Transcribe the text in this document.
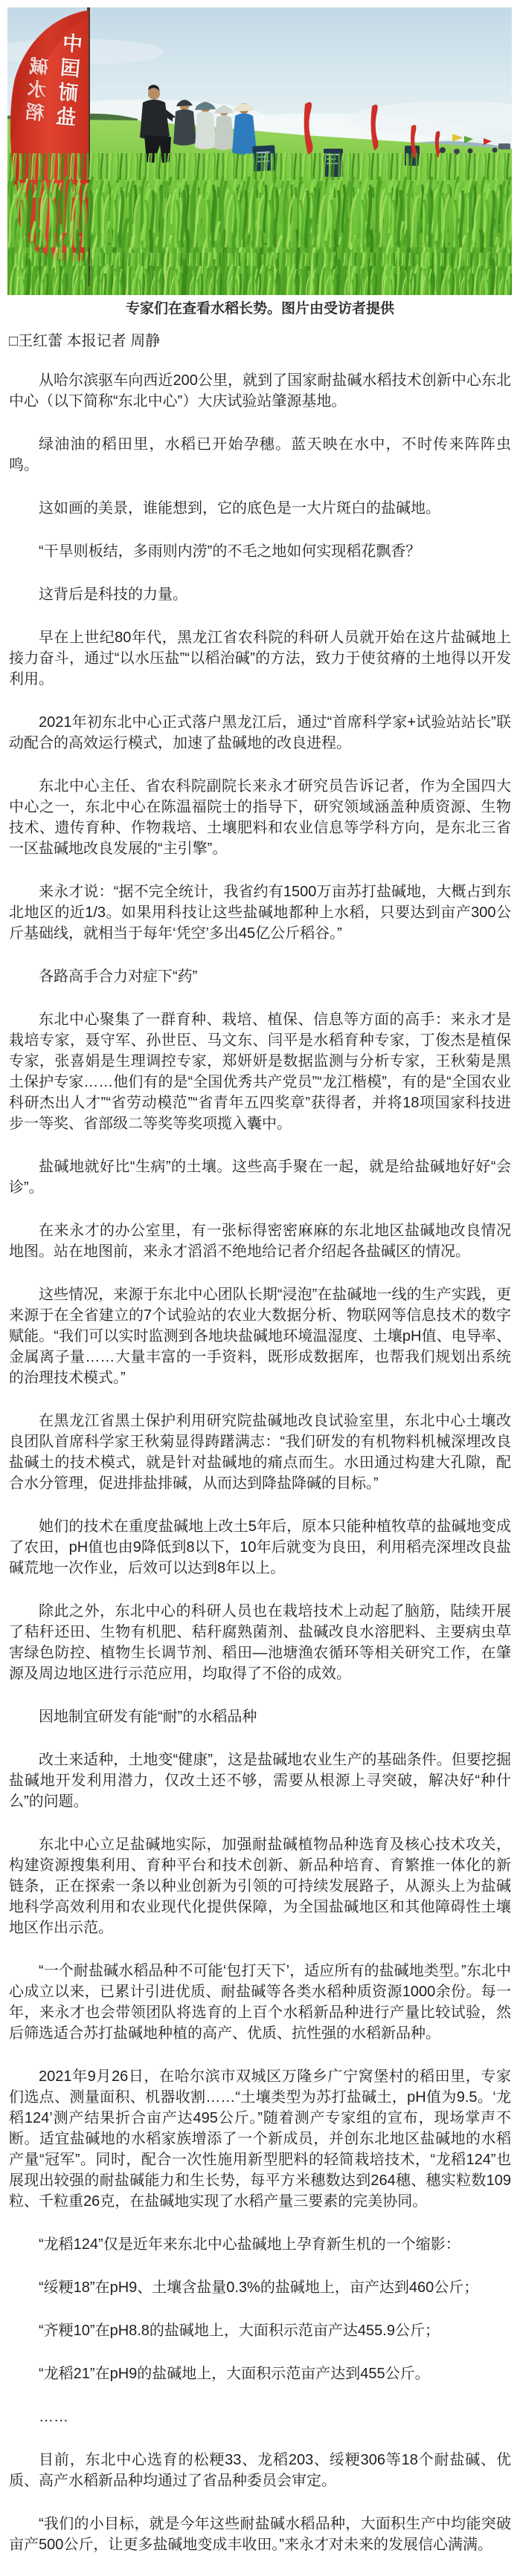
中国耐盐
碱水稻
专家们在查看水稻长势。图片由受访者提供
□王红蕾 本报记者 周静

从哈尔滨驱车向西近200公里，就到了国家耐盐碱水稻技术创新中心东北中心（以下简称“东北中心”）大庆试验站肇源基地。

绿油油的稻田里，水稻已开始孕穗。蓝天映在水中，不时传来阵阵虫鸣。

这如画的美景，谁能想到，它的底色是一大片斑白的盐碱地。

“干旱则板结，多雨则内涝”的不毛之地如何实现稻花飘香？

这背后是科技的力量。

早在上世纪80年代，黑龙江省农科院的科研人员就开始在这片盐碱地上接力奋斗，通过“以水压盐”“以稻治碱”的方法，致力于使贫瘠的土地得以开发利用。

2021年初东北中心正式落户黑龙江后，通过“首席科学家+试验站站长”联动配合的高效运行模式，加速了盐碱地的改良进程。

东北中心主任、省农科院副院长来永才研究员告诉记者，作为全国四大中心之一，东北中心在陈温福院士的指导下，研究领域涵盖种质资源、生物技术、遗传育种、作物栽培、土壤肥料和农业信息等学科方向，是东北三省一区盐碱地改良发展的“主引擎”。

来永才说：“据不完全统计，我省约有1500万亩苏打盐碱地，大概占到东北地区的近1/3。如果用科技让这些盐碱地都种上水稻，只要达到亩产300公斤基础线，就相当于每年‘凭空’多出45亿公斤稻谷。”

各路高手合力对症下“药”

东北中心聚集了一群育种、栽培、植保、信息等方面的高手：来永才是栽培专家，聂守军、孙世臣、马文东、闫平是水稻育种专家，丁俊杰是植保专家，张喜娟是生理调控专家，郑妍妍是数据监测与分析专家，王秋菊是黑土保护专家……他们有的是“全国优秀共产党员”“龙江楷模”，有的是“全国农业科研杰出人才”“省劳动模范”“省青年五四奖章”获得者，并将18项国家科技进步一等奖、省部级二等奖等奖项揽入囊中。

盐碱地就好比“生病”的土壤。这些高手聚在一起，就是给盐碱地好好“会诊”。

在来永才的办公室里，有一张标得密密麻麻的东北地区盐碱地改良情况地图。站在地图前，来永才滔滔不绝地给记者介绍起各盐碱区的情况。

这些情况，来源于东北中心团队长期“浸泡”在盐碱地一线的生产实践，更来源于在全省建立的7个试验站的农业大数据分析、物联网等信息技术的数字赋能。“我们可以实时监测到各地块盐碱地环境温湿度、土壤pH值、电导率、金属离子量……大量丰富的一手资料，既形成数据库，也帮我们规划出系统的治理技术模式。”

在黑龙江省黑土保护利用研究院盐碱地改良试验室里，东北中心土壤改良团队首席科学家王秋菊显得踌躇满志：“我们研发的有机物料机械深埋改良盐碱土的技术模式，就是针对盐碱地的痛点而生。水田通过构建大孔隙，配合水分管理，促进排盐排碱，从而达到降盐降碱的目标。”

她们的技术在重度盐碱地上改土5年后，原本只能种植牧草的盐碱地变成了农田，pH值也由9降低到8以下，10年后就变为良田，利用稻壳深埋改良盐碱荒地一次作业，后效可以达到8年以上。

除此之外，东北中心的科研人员也在栽培技术上动起了脑筋，陆续开展了秸秆还田、生物有机肥、秸秆腐熟菌剂、盐碱改良水溶肥料、主要病虫草害绿色防控、植物生长调节剂、稻田—池塘渔农循环等相关研究工作，在肇源及周边地区进行示范应用，均取得了不俗的成效。

因地制宜研发有能“耐”的水稻品种

改土来适种，土地变“健康”，这是盐碱地农业生产的基础条件。但要挖掘盐碱地开发利用潜力，仅改土还不够，需要从根源上寻突破，解决好“种什么”的问题。

东北中心立足盐碱地实际，加强耐盐碱植物品种选育及核心技术攻关，构建资源搜集利用、育种平台和技术创新、新品种培育、育繁推一体化的新链条，正在探索一条以种业创新为引领的可持续发展路子，从源头上为盐碱地科学高效利用和农业现代化提供保障，为全国盐碱地区和其他障碍性土壤地区作出示范。

“一个耐盐碱水稻品种不可能‘包打天下’，适应所有的盐碱地类型。”东北中心成立以来，已累计引进优质、耐盐碱等各类水稻种质资源1000余份。每一年，来永才也会带领团队将选育的上百个水稻新品种进行产量比较试验，然后筛选适合苏打盐碱地种植的高产、优质、抗性强的水稻新品种。

2021年9月26日，在哈尔滨市双城区万隆乡广宁窝堡村的稻田里，专家们选点、测量面积、机器收割……“土壤类型为苏打盐碱土，pH值为9.5。‘龙稻124’测产结果折合亩产达495公斤。”随着测产专家组的宣布，现场掌声不断。适宜盐碱地的水稻家族增添了一个新成员，并创东北地区盐碱地的水稻产量“冠军”。同时，配合一次性施用新型肥料的轻简栽培技术，“龙稻124”也展现出较强的耐盐碱能力和生长势，每平方米穗数达到264穗、穗实粒数109粒、千粒重26克，在盐碱地实现了水稻产量三要素的完美协同。

“龙稻124”仅是近年来东北中心盐碱地上孕育新生机的一个缩影：

“绥粳18”在pH9、土壤含盐量0.3%的盐碱地上，亩产达到460公斤；

“齐粳10”在pH8.8的盐碱地上，大面积示范亩产达455.9公斤；

“龙稻21”在pH9的盐碱地上，大面积示范亩产达到455公斤。

……

目前，东北中心选育的松粳33、龙稻203、绥粳306等18个耐盐碱、优质、高产水稻新品种均通过了省品种委员会审定。

“我们的小目标，就是今年这些耐盐碱水稻品种，大面积生产中均能突破亩产500公斤，让更多盐碱地变成丰收田。”来永才对未来的发展信心满满。
